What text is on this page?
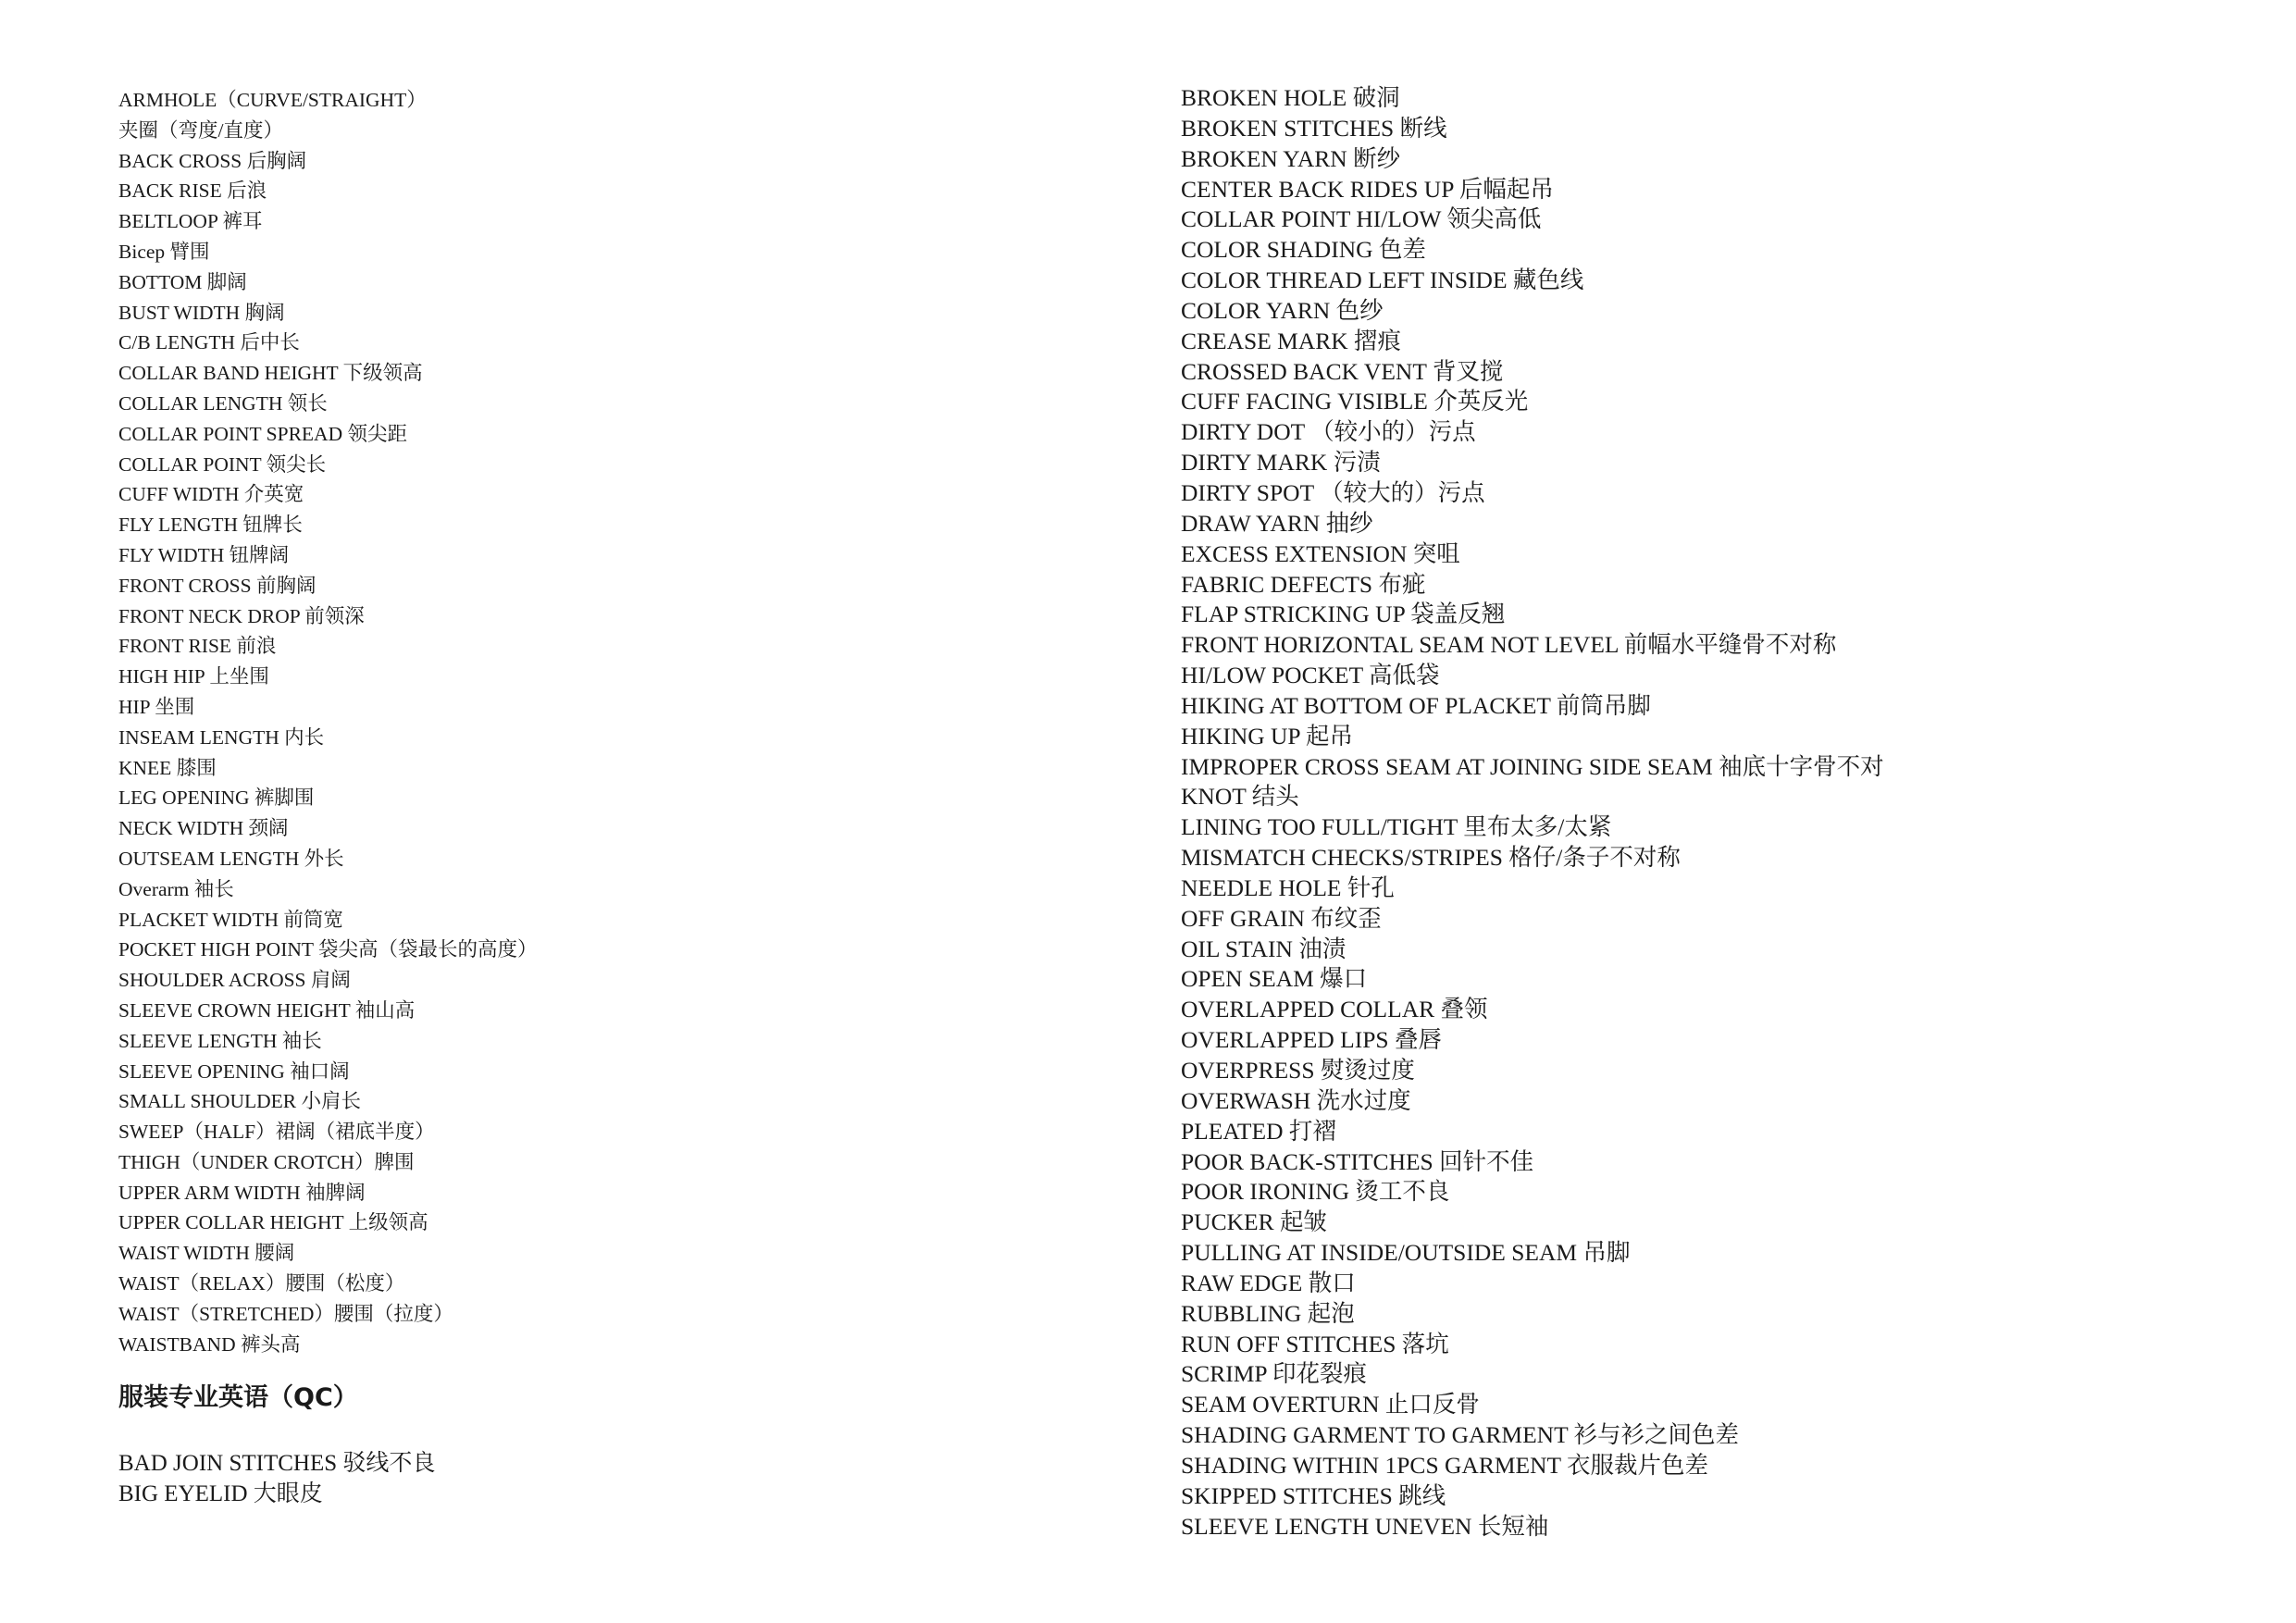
ARMHOLE（CURVE/STRAIGHT）
夹圈（弯度/直度）
BACK CROSS 后胸阔
BACK RISE 后浪
BELTLOOP 裤耳
Bicep 臂围
BOTTOM 脚阔
BUST WIDTH 胸阔
C/B LENGTH 后中长
COLLAR BAND HEIGHT 下级领高
COLLAR LENGTH 领长
COLLAR POINT SPREAD 领尖距
COLLAR POINT 领尖长
CUFF WIDTH 介英宽
FLY LENGTH 钮牌长
FLY WIDTH 钮牌阔
FRONT CROSS 前胸阔
FRONT NECK DROP 前领深
FRONT RISE 前浪
HIGH HIP 上坐围
HIP 坐围
INSEAM LENGTH 内长
KNEE 膝围
LEG OPENING 裤脚围
NECK WIDTH 颈阔
OUTSEAM LENGTH 外长
Overarm 袖长
PLACKET WIDTH 前筒宽
POCKET HIGH POINT 袋尖高（袋最长的高度）
SHOULDER ACROSS 肩阔
SLEEVE CROWN HEIGHT 袖山高
SLEEVE LENGTH 袖长
SLEEVE OPENING 袖口阔
SMALL SHOULDER 小肩长
SWEEP（HALF）裙阔（裙底半度）
THIGH（UNDER CROTCH）脾围
UPPER ARM WIDTH 袖脾阔
UPPER COLLAR HEIGHT 上级领高
WAIST WIDTH 腰阔
WAIST（RELAX）腰围（松度）
WAIST（STRETCHED）腰围（拉度）
WAISTBAND 裤头高
服装专业英语（QC）
BAD JOIN STITCHES 驳线不良
BIG EYELID 大眼皮
BROKEN HOLE 破洞
BROKEN STITCHES 断线
BROKEN YARN 断纱
CENTER BACK RIDES UP 后幅起吊
COLLAR POINT HI/LOW 领尖高低
COLOR SHADING 色差
COLOR THREAD LEFT INSIDE 藏色线
COLOR YARN 色纱
CREASE MARK 摺痕
CROSSED BACK VENT 背叉搅
CUFF FACING VISIBLE 介英反光
DIRTY DOT （较小的）污点
DIRTY MARK 污渍
DIRTY SPOT （较大的）污点
DRAW YARN 抽纱
EXCESS EXTENSION 突咀
FABRIC DEFECTS 布疵
FLAP STRICKING UP 袋盖反翘
FRONT HORIZONTAL SEAM NOT LEVEL 前幅水平缝骨不对称
HI/LOW POCKET 高低袋
HIKING AT BOTTOM OF PLACKET 前筒吊脚
HIKING UP 起吊
IMPROPER CROSS SEAM AT JOINING SIDE SEAM 袖底十字骨不对
KNOT 结头
LINING TOO FULL/TIGHT 里布太多/太紧
MISMATCH CHECKS/STRIPES 格仔/条子不对称
NEEDLE HOLE 针孔
OFF GRAIN 布纹歪
OIL STAIN 油渍
OPEN SEAM 爆口
OVERLAPPED COLLAR 叠领
OVERLAPPED LIPS 叠唇
OVERPRESS 熨烫过度
OVERWASH 洗水过度
PLEATED 打褶
POOR BACK-STITCHES 回针不佳
POOR IRONING 烫工不良
PUCKER 起皱
PULLING AT INSIDE/OUTSIDE SEAM 吊脚
RAW EDGE 散口
RUBBLING 起泡
RUN OFF STITCHES 落坑
SCRIMP 印花裂痕
SEAM OVERTURN 止口反骨
SHADING GARMENT TO GARMENT 衫与衫之间色差
SHADING WITHIN 1PCS GARMENT 衣服裁片色差
SKIPPED STITCHES 跳线
SLEEVE LENGTH UNEVEN 长短袖
